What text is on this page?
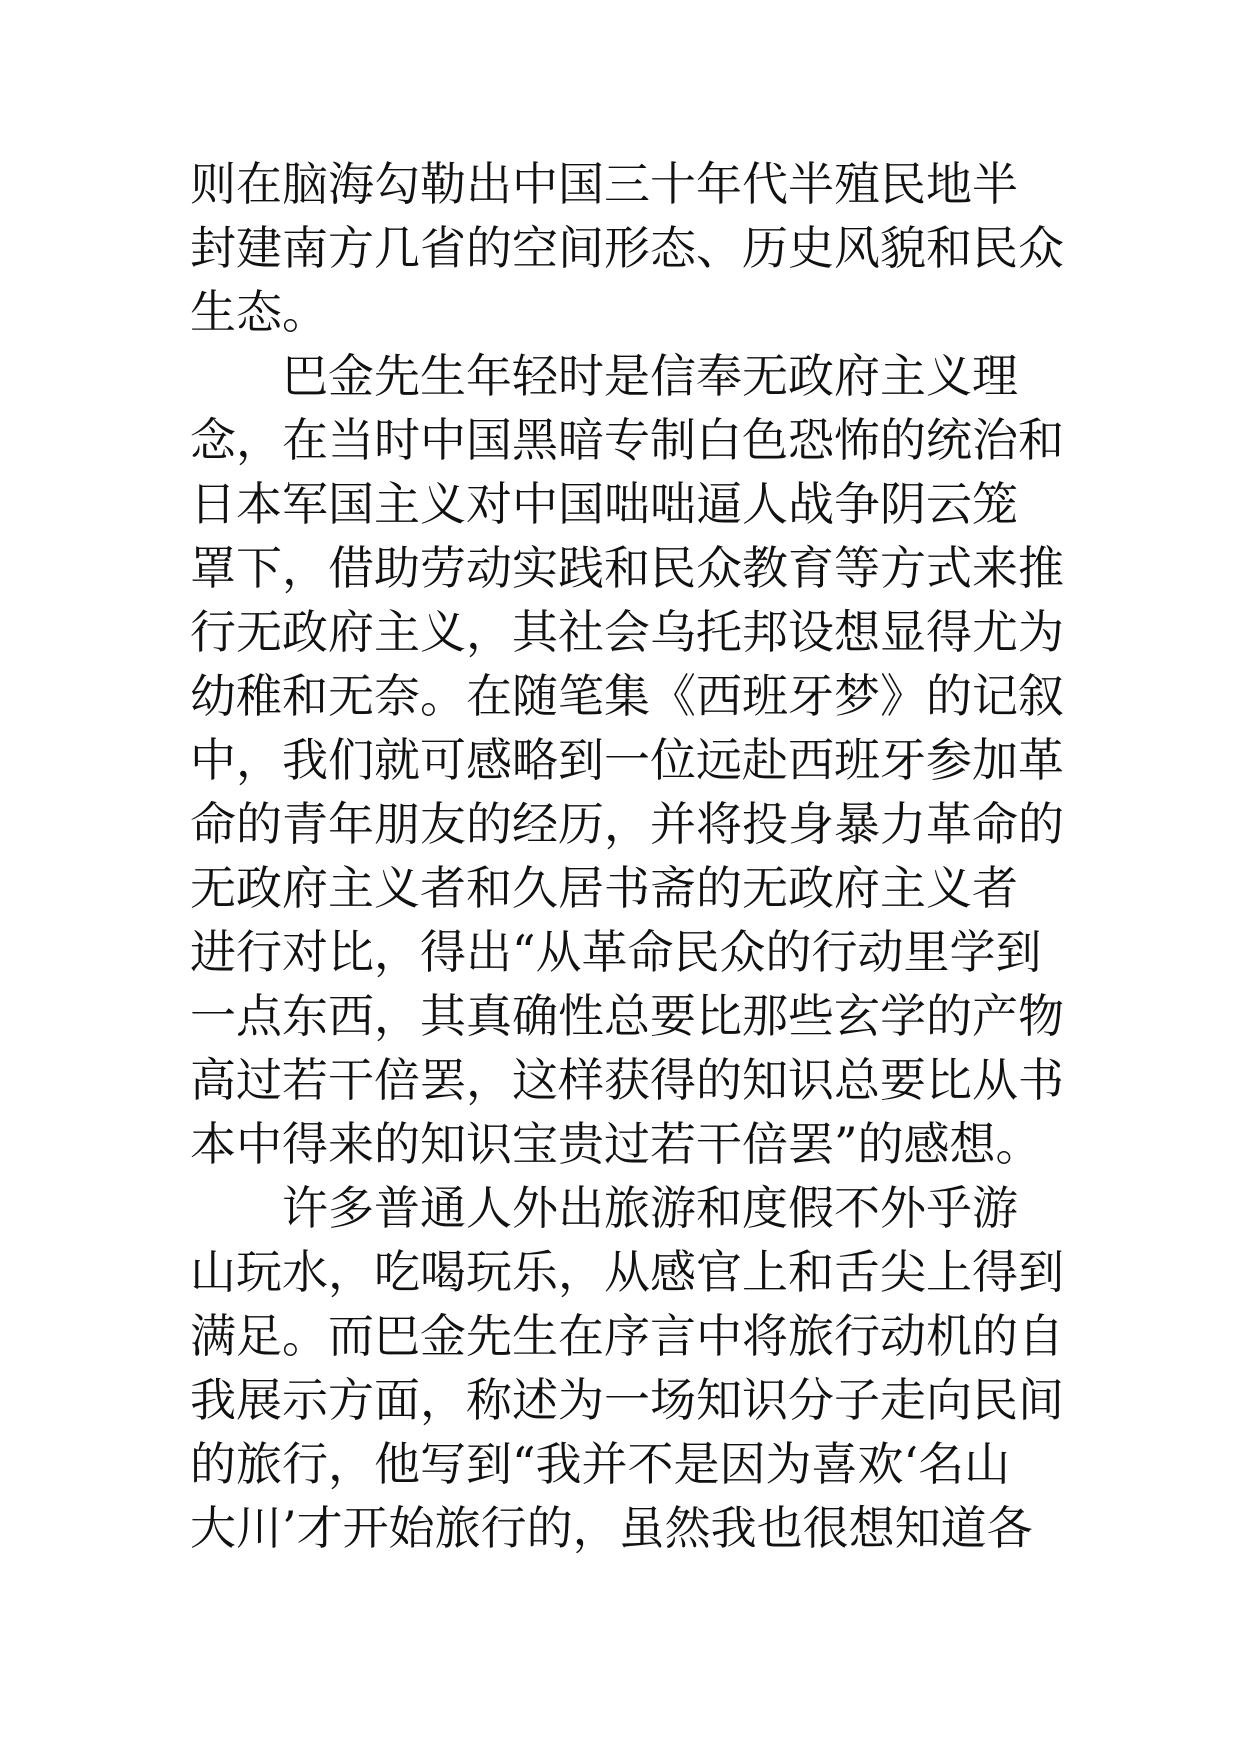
则在脑海勾勒出中国三十年代半殖民地半
封建南方几省的空间形态、历史风貌和民众
生态。
巴金先生年轻时是信奉无政府主义理
念，在当时中国黑暗专制白色恐怖的统治和
日本军国主义对中国咄咄逼人战争阴云笼
罩下，借助劳动实践和民众教育等方式来推
行无政府主义，其社会乌托邦设想显得尤为
幼稚和无奈。在随笔集《西班牙梦》的记叙
中，我们就可感略到一位远赴西班牙参加革
命的青年朋友的经历，并将投身暴力革命的
无政府主义者和久居书斋的无政府主义者
进行对比，得出“从革命民众的行动里学到
一点东西，其真确性总要比那些玄学的产物
高过若干倍罢，这样获得的知识总要比从书
本中得来的知识宝贵过若干倍罢”的感想。
许多普通人外出旅游和度假不外乎游
山玩水，吃喝玩乐，从感官上和舌尖上得到
满足。而巴金先生在序言中将旅行动机的自
我展示方面，称述为一场知识分子走向民间
的旅行，他写到“我并不是因为喜欢‘名山
大川’才开始旅行的，虽然我也很想知道各
